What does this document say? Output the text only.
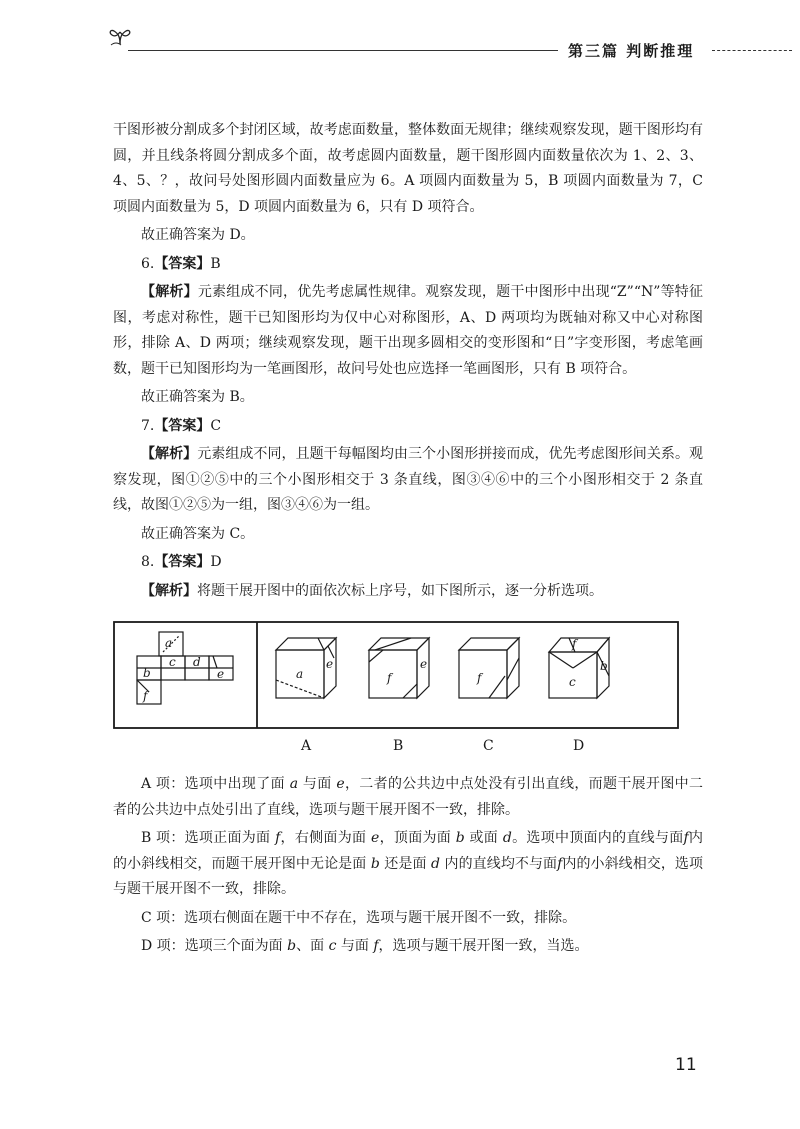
第三篇 判断推理

干图形被分割成多个封闭区域，故考虑面数量，整体数面无规律；继续观察发现，题干图形均有圆，并且线条将圆分割成多个面，故考虑圆内面数量，题干图形圆内面数量依次为 1、2、3、4、5、？，故问号处图形圆内面数量应为 6。A 项圆内面数量为 5，B 项圆内面数量为 7，C 项圆内面数量为 5，D 项圆内面数量为 6，只有 D 项符合。

故正确答案为 D。

6.【答案】B

【解析】元素组成不同，优先考虑属性规律。观察发现，题干中图形中出现“Z”“N”等特征图，考虑对称性，题干已知图形均为仅中心对称图形，A、D 两项均为既轴对称又中心对称图形，排除 A、D 两项；继续观察发现，题干出现多圆相交的变形图和“日”字变形图，考虑笔画数，题干已知图形均为一笔画图形，故问号处也应选择一笔画图形，只有 B 项符合。

故正确答案为 B。

7.【答案】C

【解析】元素组成不同，且题干每幅图均由三个小图形拼接而成，优先考虑图形间关系。观察发现，图①②⑤中的三个小图形相交于 3 条直线，图③④⑥中的三个小图形相交于 2 条直线，故图①②⑤为一组，图③④⑥为一组。

故正确答案为 C。

8.【答案】D

【解析】将题干展开图中的面依次标上序号，如下图所示，逐一分析选项。

a
b
c d
e
f
a
e
f
e
f
f
b
c
A	B	C	D

A 项：选项中出现了面 a 与面 e，二者的公共边中点处没有引出直线，而题干展开图中二者的公共边中点处引出了直线，选项与题干展开图不一致，排除。

B 项：选项正面为面 f，右侧面为面 e，顶面为面 b 或面 d。选项中顶面内的直线与面f内的小斜线相交，而题干展开图中无论是面 b 还是面 d 内的直线均不与面f内的小斜线相交，选项与题干展开图不一致，排除。

C 项：选项右侧面在题干中不存在，选项与题干展开图不一致，排除。

D 项：选项三个面为面 b、面 c 与面 f，选项与题干展开图一致，当选。

11
